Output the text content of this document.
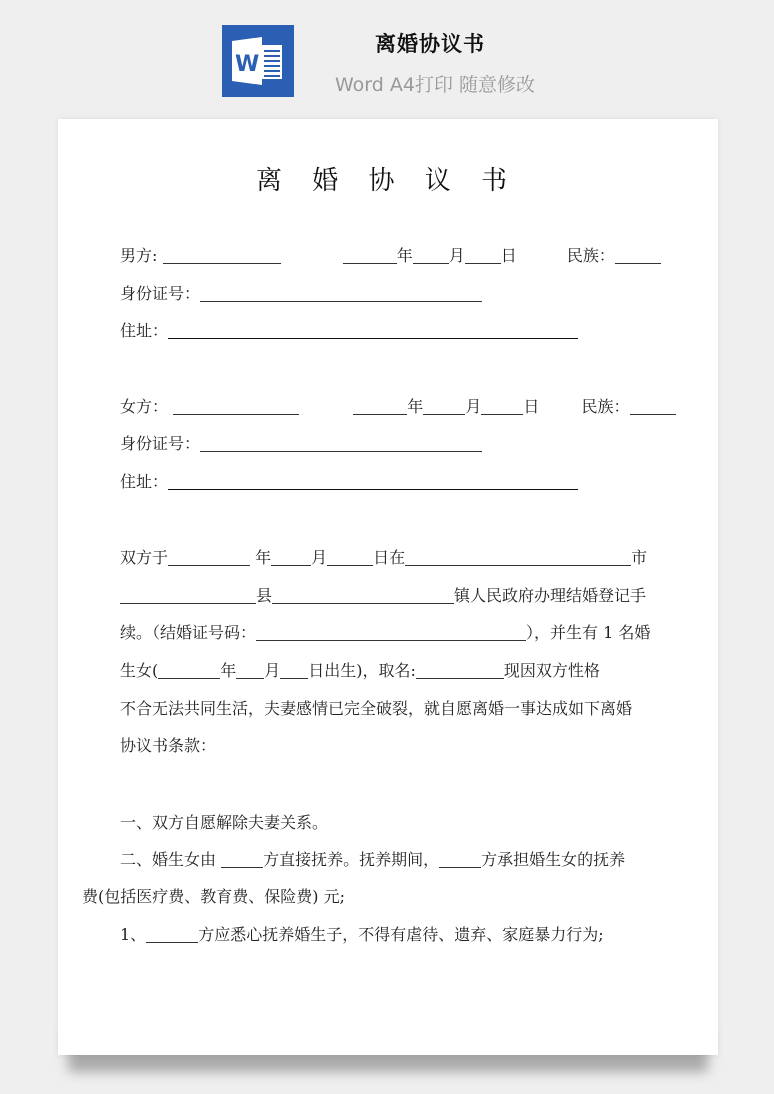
W
离婚协议书
Word A4打印 随意修改
离 婚 协 议 书
男方:	年 月 日	民族：
身份证号：
住址：
女方：	年	月	日	民族：
身份证号：
住址：
双方于	年	月	日在	市
县	镇人民政府办理结婚登记手
续。（结婚证号码：	），并生有 1 名婚
生女(	年 月 日出生)，取名:	现因双方性格
不合无法共同生活，夫妻感情已完全破裂，就自愿离婚一事达成如下离婚
协议书条款：
一、双方自愿解除夫妻关系。
二、婚生女由	方直接抚养。抚养期间，	方承担婚生女的抚养
费(包括医疗费、教育费、保险费) 元;
1、	方应悉心抚养婚生子，不得有虐待、遗弃、家庭暴力行为;
